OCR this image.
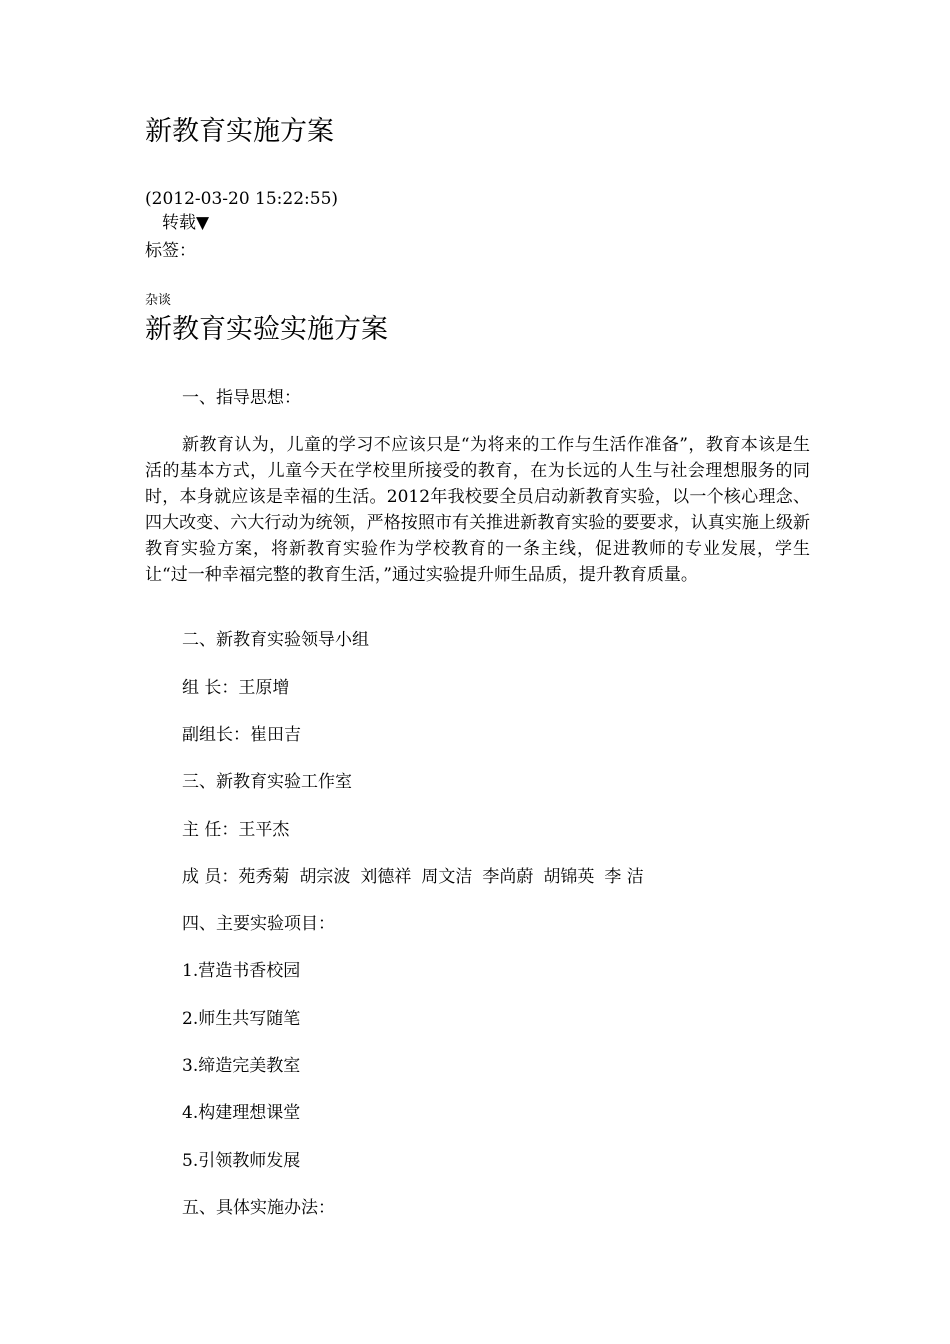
新教育实施方案
(2012-03-20 15:22:55)
转载▼
标签：
杂谈
新教育实验实施方案
一、指导思想：
新教育认为，儿童的学习不应该只是“为将来的工作与生活作准备”，教育本该是生活的基本方式，儿童今天在学校里所接受的教育，在为长远的人生与社会理想服务的同时，本身就应该是幸福的生活。2012年我校要全员启动新教育实验，以一个核心理念、四大改变、六大行动为统领，严格按照市有关推进新教育实验的要要求，认真实施上级新教育实验方案，将新教育实验作为学校教育的一条主线，促进教师的专业发展，学生让“过一种幸福完整的教育生活，”通过实验提升师生品质，提升教育质量。
二、新教育实验领导小组
组 长：王原增
副组长：崔田吉
三、新教育实验工作室
主 任：王平杰
成 员：苑秀菊 胡宗波 刘德祥 周文洁 李尚蔚 胡锦英 李 洁
四、主要实验项目：
1.营造书香校园
2.师生共写随笔
3.缔造完美教室
4.构建理想课堂
5.引领教师发展
五、具体实施办法：
